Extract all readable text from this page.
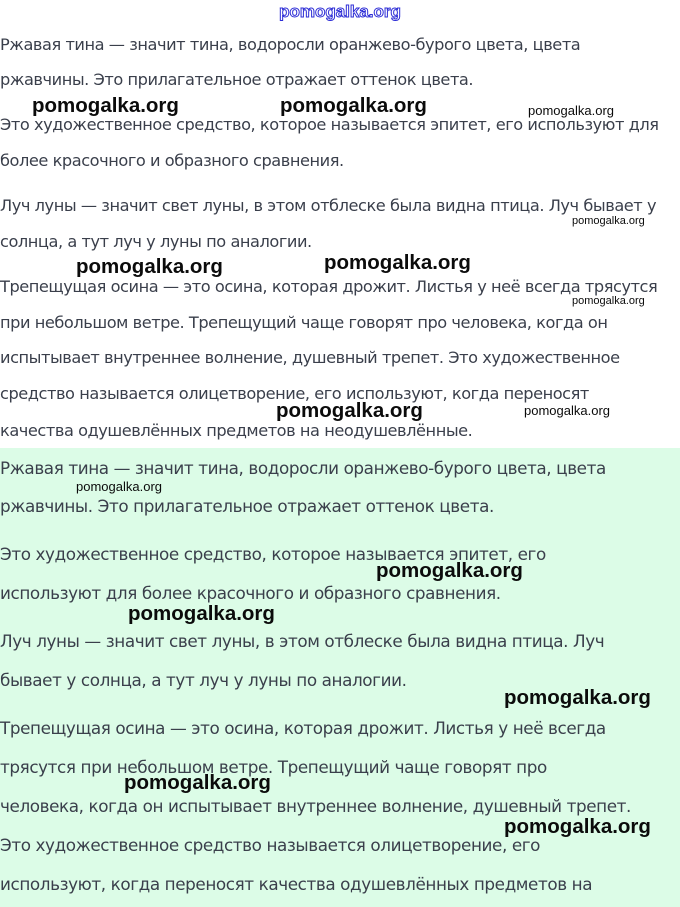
pomogalka.org
Ржавая тина — значит тина, водоросли оранжево-бурого цвета, цвета
ржавчины. Это прилагательное отражает оттенок цвета.
Это художественное средство, которое называется эпитет, его используют для
более красочного и образного сравнения.
Луч луны — значит свет луны, в этом отблеске была видна птица. Луч бывает у
солнца, а тут луч у луны по аналогии.
Трепещущая осина — это осина, которая дрожит. Листья у неё всегда трясутся
при небольшом ветре. Трепещущий чаще говорят про человека, когда он
испытывает внутреннее волнение, душевный трепет. Это художественное
средство называется олицетворение, его используют, когда переносят
качества одушевлённых предметов на неодушевлённые.
Ржавая тина — значит тина, водоросли оранжево-бурого цвета, цвета
ржавчины. Это прилагательное отражает оттенок цвета.
Это художественное средство, которое называется эпитет, его
используют для более красочного и образного сравнения.
Луч луны — значит свет луны, в этом отблеске была видна птица. Луч
бывает у солнца, а тут луч у луны по аналогии.
Трепещущая осина — это осина, которая дрожит. Листья у неё всегда
трясутся при небольшом ветре. Трепещущий чаще говорят про
человека, когда он испытывает внутреннее волнение, душевный трепет.
Это художественное средство называется олицетворение, его
используют, когда переносят качества одушевлённых предметов на
pomogalka.org	pomogalka.org	pomogalka.org
pomogalka.org
pomogalka.org	pomogalka.org
pomogalka.org
pomogalka.org	pomogalka.org
pomogalka.org
pomogalka.org
pomogalka.org
pomogalka.org
pomogalka.org
pomogalka.org
